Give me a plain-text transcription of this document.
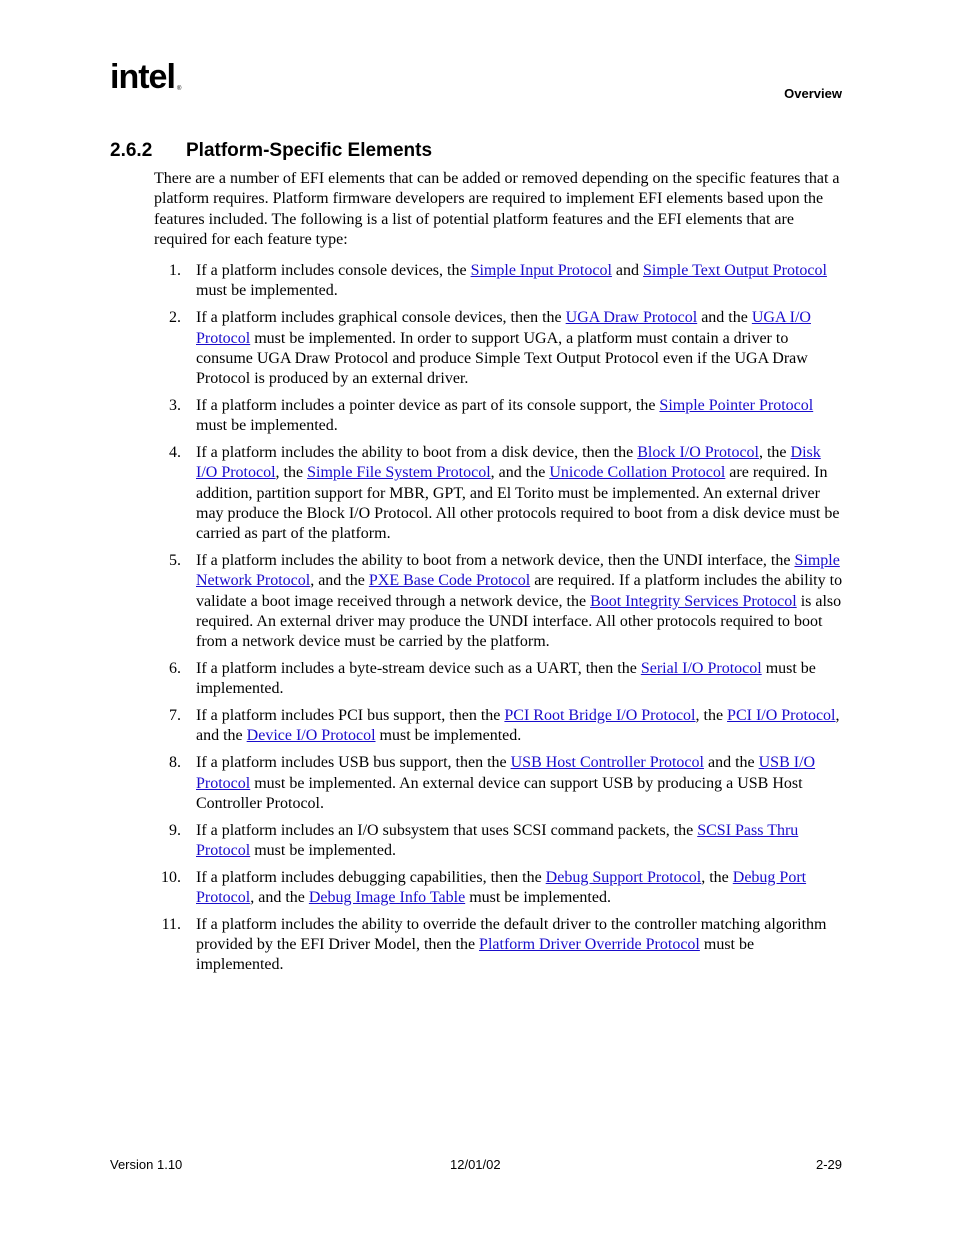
intel ®	Overview
2.6.2 Platform-Specific Elements

There are a number of EFI elements that can be added or removed depending on the specific features that a platform requires. Platform firmware developers are required to implement EFI elements based upon the features included. The following is a list of potential platform features and the EFI elements that are required for each feature type:

1. If a platform includes console devices, the Simple Input Protocol and Simple Text Output Protocol must be implemented.
2. If a platform includes graphical console devices, then the UGA Draw Protocol and the UGA I/O Protocol must be implemented. In order to support UGA, a platform must contain a driver to consume UGA Draw Protocol and produce Simple Text Output Protocol even if the UGA Draw Protocol is produced by an external driver.
3. If a platform includes a pointer device as part of its console support, the Simple Pointer Protocol must be implemented.
4. If a platform includes the ability to boot from a disk device, then the Block I/O Protocol, the Disk I/O Protocol, the Simple File System Protocol, and the Unicode Collation Protocol are required. In addition, partition support for MBR, GPT, and El Torito must be implemented. An external driver may produce the Block I/O Protocol. All other protocols required to boot from a disk device must be carried as part of the platform.
5. If a platform includes the ability to boot from a network device, then the UNDI interface, the Simple Network Protocol, and the PXE Base Code Protocol are required. If a platform includes the ability to validate a boot image received through a network device, the Boot Integrity Services Protocol is also required. An external driver may produce the UNDI interface. All other protocols required to boot from a network device must be carried by the platform.
6. If a platform includes a byte-stream device such as a UART, then the Serial I/O Protocol must be implemented.
7. If a platform includes PCI bus support, then the PCI Root Bridge I/O Protocol, the PCI I/O Protocol, and the Device I/O Protocol must be implemented.
8. If a platform includes USB bus support, then the USB Host Controller Protocol and the USB I/O Protocol must be implemented. An external device can support USB by producing a USB Host Controller Protocol.
9. If a platform includes an I/O subsystem that uses SCSI command packets, the SCSI Pass Thru Protocol must be implemented.
10. If a platform includes debugging capabilities, then the Debug Support Protocol, the Debug Port Protocol, and the Debug Image Info Table must be implemented.
11. If a platform includes the ability to override the default driver to the controller matching algorithm provided by the EFI Driver Model, then the Platform Driver Override Protocol must be implemented.
Version 1.10	12/01/02	2-29
